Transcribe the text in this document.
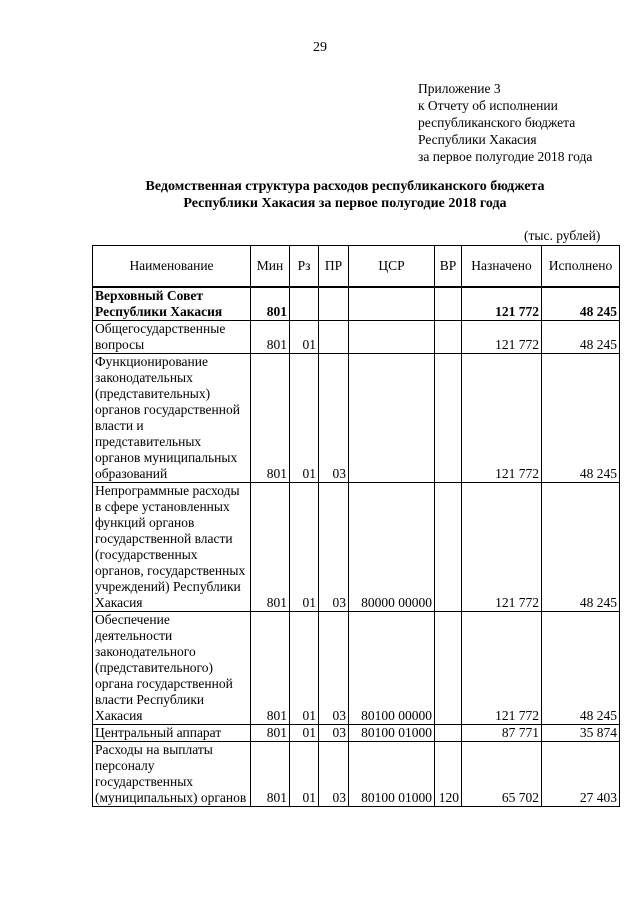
29
Приложение 3
к Отчету об исполнении
республиканского бюджета
Республики Хакасия
за первое полугодие 2018 года
Ведомственная структура расходов республиканского бюджета
Республики Хакасия за первое полугодие 2018 года
(тыс. рублей)
Наименование	Мин	Рз	ПР	ЦСР	ВР	Назначено	Исполнено
Верховный Совет Республики Хакасия	801					121 772	48 245
Общегосударственные вопросы	801	01				121 772	48 245
Функционирование законодательных (представительных) органов государственной власти и представительных органов муниципальных образований	801	01	03			121 772	48 245
Непрограммные расходы в сфере установленных функций органов государственной власти (государственных органов, государственных учреждений) Республики Хакасия	801	01	03	80000 00000		121 772	48 245
Обеспечение деятельности законодательного (представительного) органа государственной власти Республики Хакасия	801	01	03	80100 00000		121 772	48 245
Центральный аппарат	801	01	03	80100 01000		87 771	35 874
Расходы на выплаты персоналу государственных (муниципальных) органов	801	01	03	80100 01000	120	65 702	27 403
